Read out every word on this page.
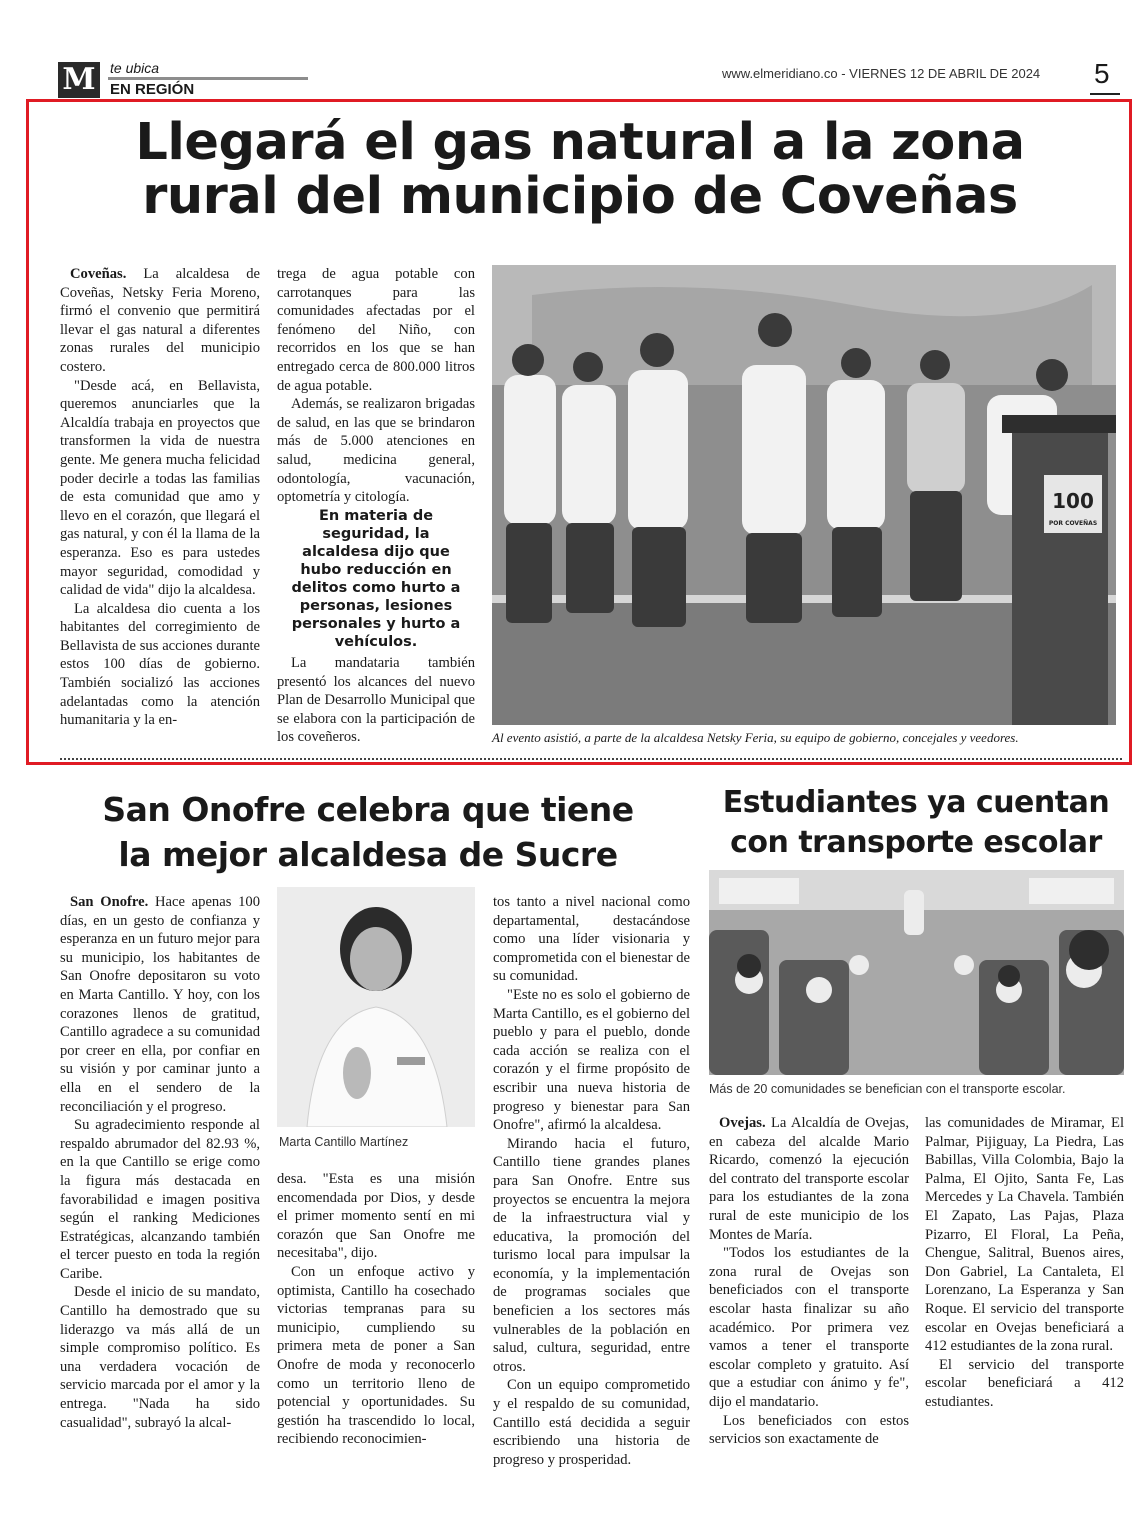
M	te ubica
EN REGIÓN
www.elmeridiano.co - VIERNES 12 DE ABRIL DE 2024 5
Llegará el gas natural a la zona
rural del municipio de Coveñas

Coveñas. La alcaldesa de Coveñas, Netsky Feria Moreno, firmó el convenio que permitirá llevar el gas natural a diferentes zonas rurales del municipio costero.

"Desde acá, en Bellavista, queremos anunciarles que la Alcaldía trabaja en proyectos que transformen la vida de nuestra gente. Me genera mucha felicidad poder decirle a todas las familias de esta comunidad que amo y llevo en el corazón, que llegará el gas natural, y con él la llama de la esperanza. Eso es para ustedes mayor seguridad, comodidad y calidad de vida" dijo la alcaldesa.

La alcaldesa dio cuenta a los habitantes del corregimiento de Bellavista de sus acciones durante estos 100 días de gobierno. También socializó las acciones adelantadas como la atención humanitaria y la en-

trega de agua potable con carrotanques para las comunidades afectadas por el fenómeno del Niño, con recorridos en los que se han entregado cerca de 800.000 litros de agua potable.

Además, se realizaron brigadas de salud, en las que se brindaron más de 5.000 atenciones en salud, medicina general, odontología, vacunación, optometría y citología.

En materia de seguridad, la alcaldesa dijo que hubo reducción en delitos como hurto a personas, lesiones personales y hurto a vehículos.

La mandataria también presentó los alcances del nuevo Plan de Desarrollo Municipal que se elabora con la participación de los coveñeros.

100
POR COVEÑAS
Al evento asistió, a parte de la alcaldesa Netsky Feria, su equipo de gobierno, concejales y veedores.
San Onofre celebra que tiene
la mejor alcaldesa de Sucre

San Onofre. Hace apenas 100 días, en un gesto de confianza y esperanza en un futuro mejor para su municipio, los habitantes de San Onofre depositaron su voto en Marta Cantillo. Y hoy, con los corazones llenos de gratitud, Cantillo agradece a su comunidad por creer en ella, por confiar en su visión y por caminar junto a ella en el sendero de la reconciliación y el progreso.

Su agradecimiento responde al respaldo abrumador del 82.93 %, en la que Cantillo se erige como la figura más destacada en favorabilidad e imagen positiva según el ranking Mediciones Estratégicas, alcanzando también el tercer puesto en toda la región Caribe.

Desde el inicio de su mandato, Cantillo ha demostrado que su liderazgo va más allá de un simple compromiso político. Es una verdadera vocación de servicio marcada por el amor y la entrega. "Nada ha sido casualidad", subrayó la alcal-

Marta Cantillo Martínez

desa. "Esta es una misión encomendada por Dios, y desde el primer momento sentí en mi corazón que San Onofre me necesitaba", dijo.

Con un enfoque activo y optimista, Cantillo ha cosechado victorias tempranas para su municipio, cumpliendo su primera meta de poner a San Onofre de moda y reconocerlo como un territorio lleno de potencial y oportunidades. Su gestión ha trascendido lo local, recibiendo reconocimien-

tos tanto a nivel nacional como departamental, destacándose como una líder visionaria y comprometida con el bienestar de su comunidad.

"Este no es solo el gobierno de Marta Cantillo, es el gobierno del pueblo y para el pueblo, donde cada acción se realiza con el corazón y el firme propósito de escribir una nueva historia de progreso y bienestar para San Onofre", afirmó la alcaldesa.

Mirando hacia el futuro, Cantillo tiene grandes planes para San Onofre. Entre sus proyectos se encuentra la mejora de la infraestructura vial y educativa, la promoción del turismo local para impulsar la economía, y la implementación de programas sociales que beneficien a los sectores más vulnerables de la población en salud, cultura, seguridad, entre otros.

Con un equipo comprometido y el respaldo de su comunidad, Cantillo está decidida a seguir escribiendo una historia de progreso y prosperidad.

Estudiantes ya cuentan
con transporte escolar
Más de 20 comunidades se benefician con el transporte escolar.

Ovejas. La Alcaldía de Ovejas, en cabeza del alcalde Mario Ricardo, comenzó la ejecución del contrato del transporte escolar para los estudiantes de la zona rural de este municipio de los Montes de María.

"Todos los estudiantes de la zona rural de Ovejas son beneficiados con el transporte escolar hasta finalizar su año académico. Por primera vez vamos a tener el transporte escolar completo y gratuito. Así que a estudiar con ánimo y fe", dijo el mandatario.

Los beneficiados con estos servicios son exactamente de

las comunidades de Miramar, El Palmar, Pijiguay, La Piedra, Las Babillas, Villa Colombia, Bajo la Palma, El Ojito, Santa Fe, Las Mercedes y La Chavela. También El Zapato, Las Pajas, Plaza Pizarro, El Floral, La Peña, Chengue, Salitral, Buenos aires, Don Gabriel, La Cantaleta, El Lorenzano, La Esperanza y San Roque. El servicio del transporte escolar en Ovejas beneficiará a 412 estudiantes de la zona rural.

El servicio del transporte escolar beneficiará a 412 estudiantes.
